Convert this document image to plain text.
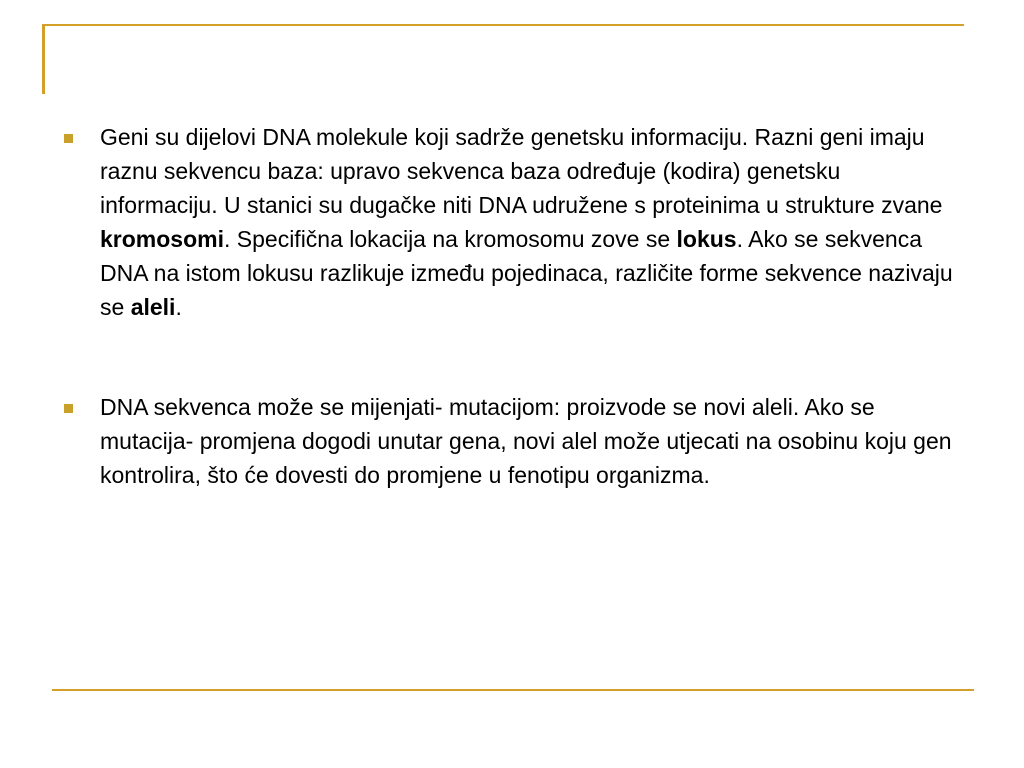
Geni su dijelovi DNA molekule koji sadrže genetsku informaciju. Razni geni imaju raznu sekvencu baza: upravo sekvenca baza određuje (kodira) genetsku informaciju. U stanici su dugačke niti DNA udružene s proteinima u strukture zvane kromosomi. Specifična lokacija na kromosomu zove se lokus. Ako se sekvenca DNA na istom lokusu razlikuje između pojedinaca, različite forme sekvence nazivaju se aleli.

DNA sekvenca može se mijenjati- mutacijom: proizvode se novi aleli. Ako se mutacija- promjena dogodi unutar gena, novi alel može utjecati na osobinu koju gen kontrolira, što će dovesti do promjene u fenotipu organizma.
